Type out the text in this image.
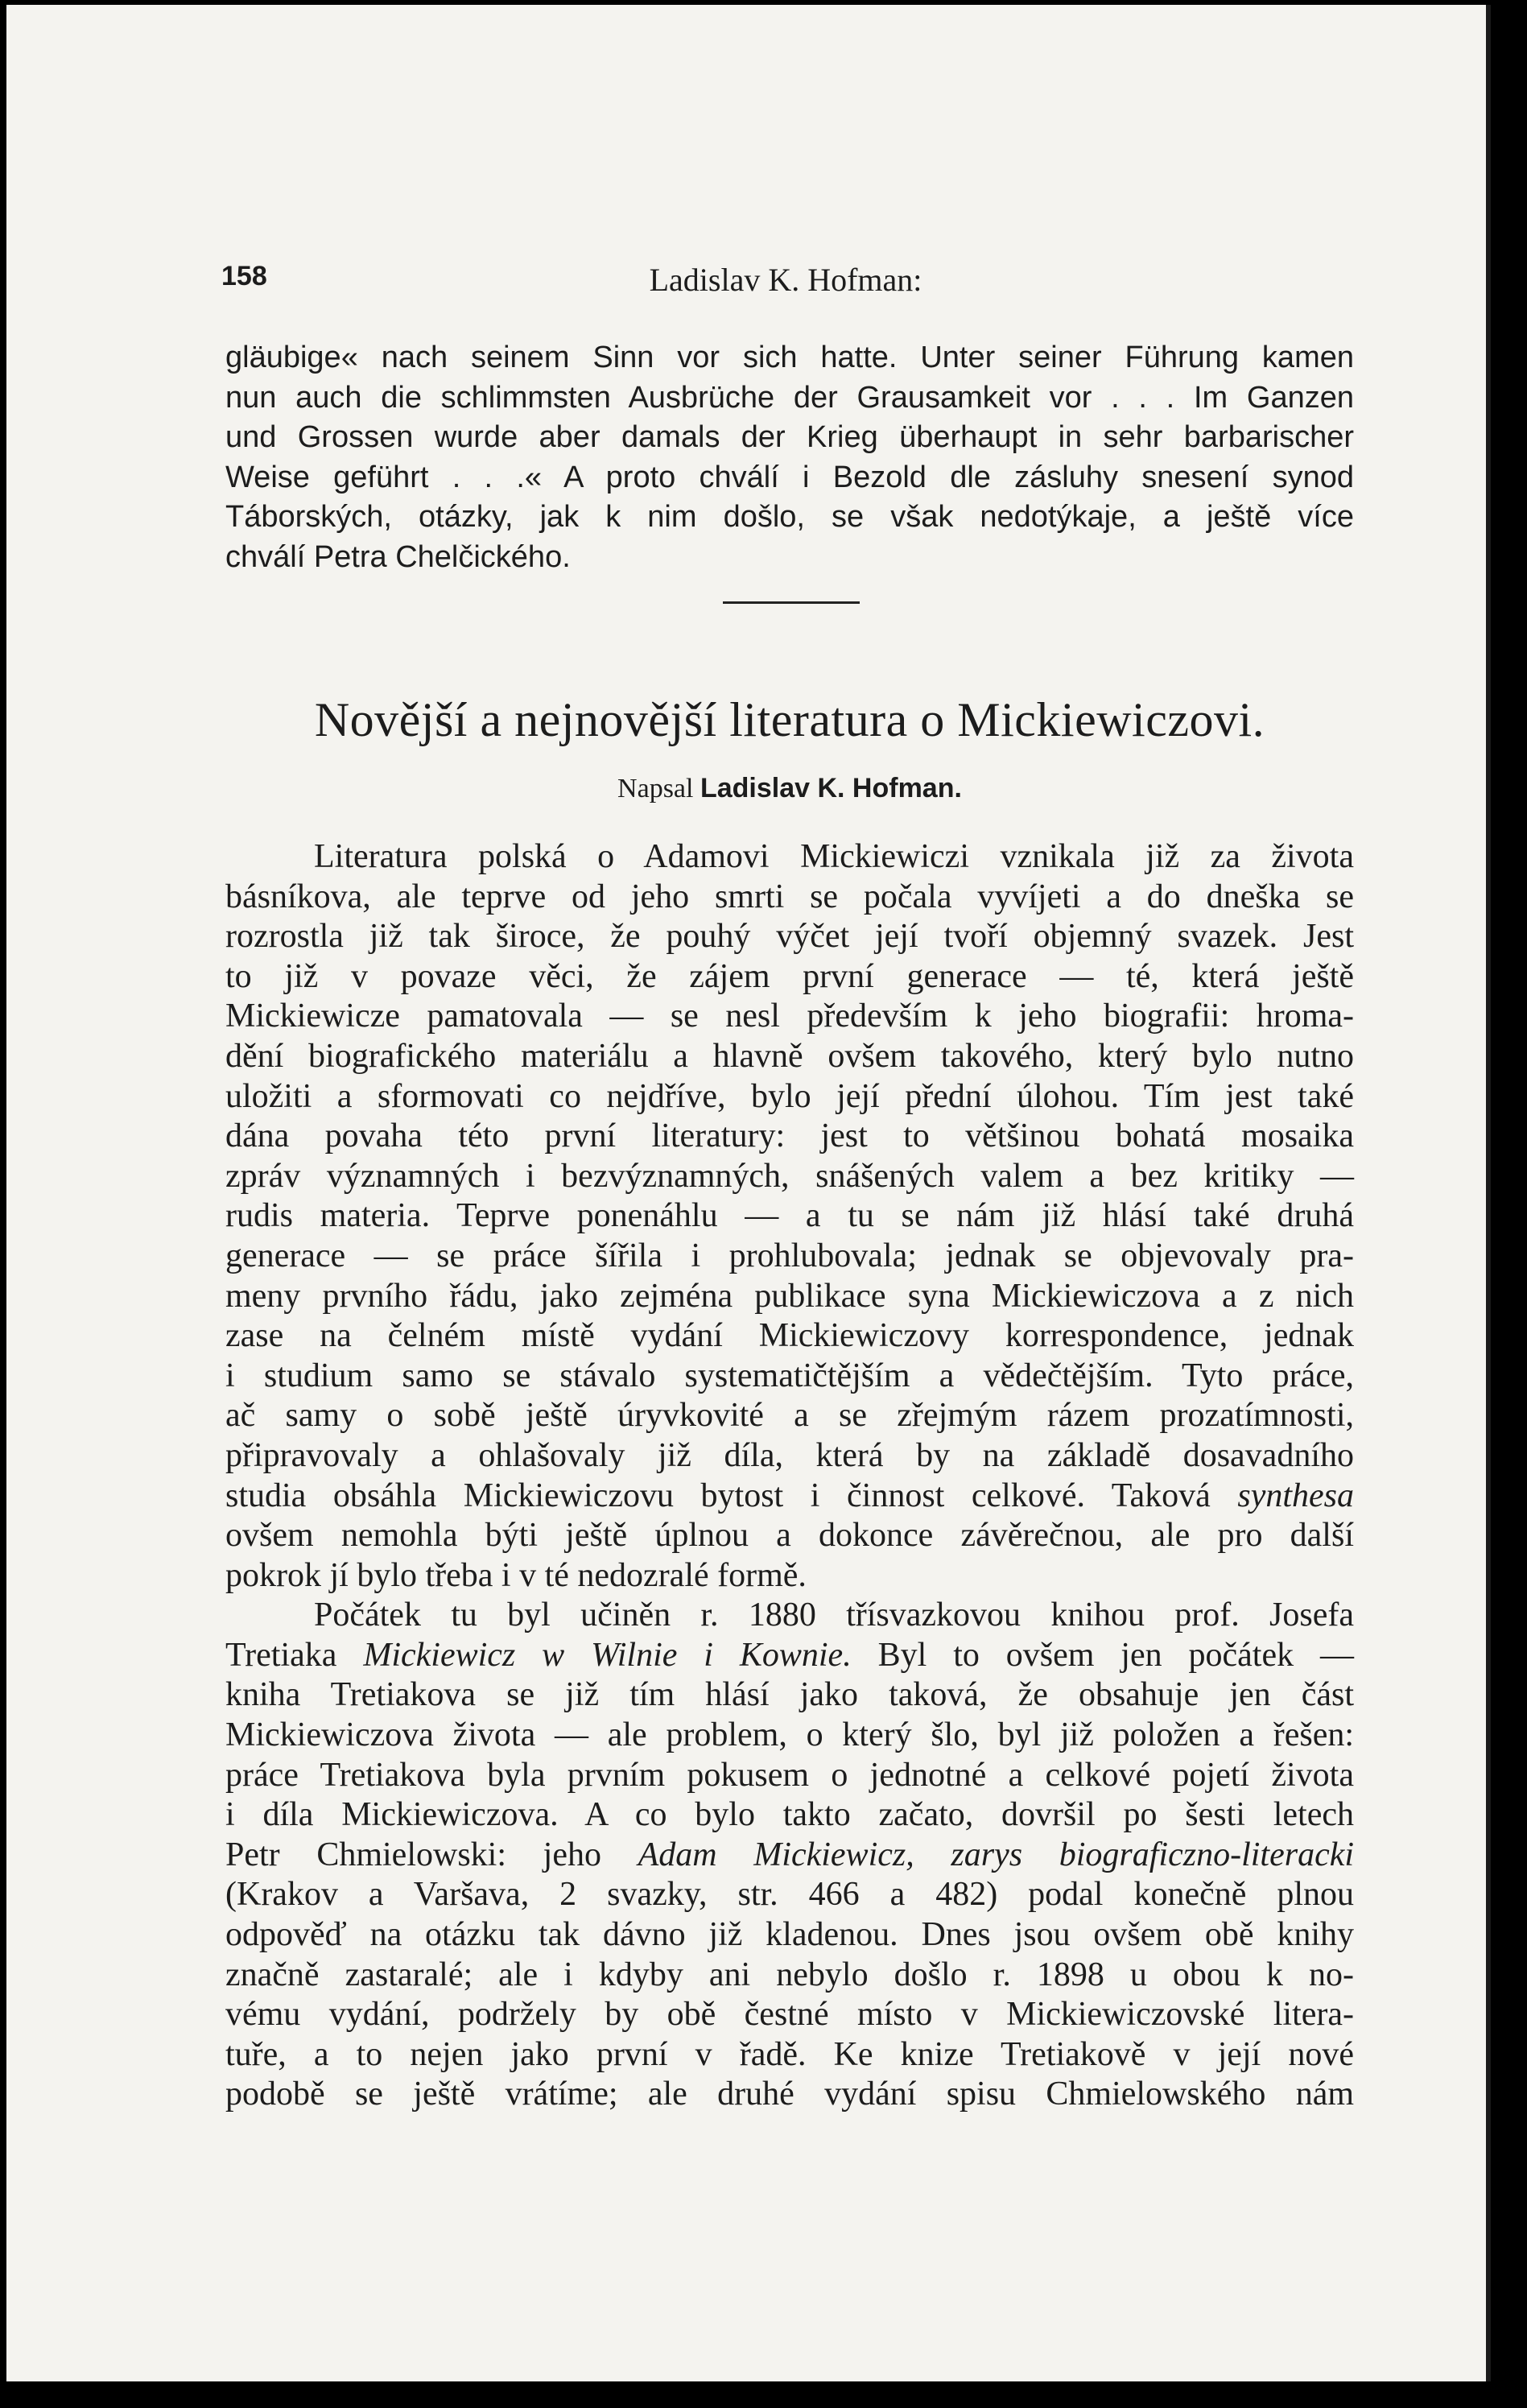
158	Ladislav K. Hofman:
gläubige« nach seinem Sinn vor sich hatte. Unter seiner Führung kamen
nun auch die schlimmsten Ausbrüche der Grausamkeit vor . . . Im Ganzen
und Grossen wurde aber damals der Krieg überhaupt in sehr barbarischer
Weise geführt . . .« A proto chválí i Bezold dle zásluhy snesení synod
Táborských, otázky, jak k nim došlo, se však nedotýkaje, a ještě více
chválí Petra Chelčického.
Novější a nejnovější literatura o Mickiewiczovi.
Napsal Ladislav K. Hofman.
Literatura polská o Adamovi Mickiewiczi vznikala již za života
básníkova, ale teprve od jeho smrti se počala vyvíjeti a do dneška se
rozrostla již tak široce, že pouhý výčet její tvoří objemný svazek. Jest
to již v povaze věci, že zájem první generace — té, která ještě
Mickiewicze pamatovala — se nesl především k jeho biografii: hroma-
dění biografického materiálu a hlavně ovšem takového, který bylo nutno
uložiti a sformovati co nejdříve, bylo její přední úlohou. Tím jest také
dána povaha této první literatury: jest to většinou bohatá mosaika
zpráv významných i bezvýznamných, snášených valem a bez kritiky —
rudis materia. Teprve ponenáhlu — a tu se nám již hlásí také druhá
generace — se práce šířila i prohlubovala; jednak se objevovaly pra-
meny prvního řádu, jako zejména publikace syna Mickiewiczova a z nich
zase na čelném místě vydání Mickiewiczovy korrespondence, jednak
i studium samo se stávalo systematičtějším a vědečtějším. Tyto práce,
ač samy o sobě ještě úryvkovité a se zřejmým rázem prozatímnosti,
připravovaly a ohlašovaly již díla, která by na základě dosavadního
studia obsáhla Mickiewiczovu bytost i činnost celkové. Taková synthesa
ovšem nemohla býti ještě úplnou a dokonce závěrečnou, ale pro další
pokrok jí bylo třeba i v té nedozralé formě.
Počátek tu byl učiněn r. 1880 třísvazkovou knihou prof. Josefa
Tretiaka Mickiewicz w Wilnie i Kownie. Byl to ovšem jen počátek —
kniha Tretiakova se již tím hlásí jako taková, že obsahuje jen část
Mickiewiczova života — ale problem, o který šlo, byl již položen a řešen:
práce Tretiakova byla prvním pokusem o jednotné a celkové pojetí života
i díla Mickiewiczova. A co bylo takto začato, dovršil po šesti letech
Petr Chmielowski: jeho Adam Mickiewicz, zarys biograficzno-literacki
(Krakov a Varšava, 2 svazky, str. 466 a 482) podal konečně plnou
odpověď na otázku tak dávno již kladenou. Dnes jsou ovšem obě knihy
značně zastaralé; ale i kdyby ani nebylo došlo r. 1898 u obou k no-
vému vydání, podržely by obě čestné místo v Mickiewiczovské litera-
tuře, a to nejen jako první v řadě. Ke knize Tretiakově v její nové
podobě se ještě vrátíme; ale druhé vydání spisu Chmielowského nám
